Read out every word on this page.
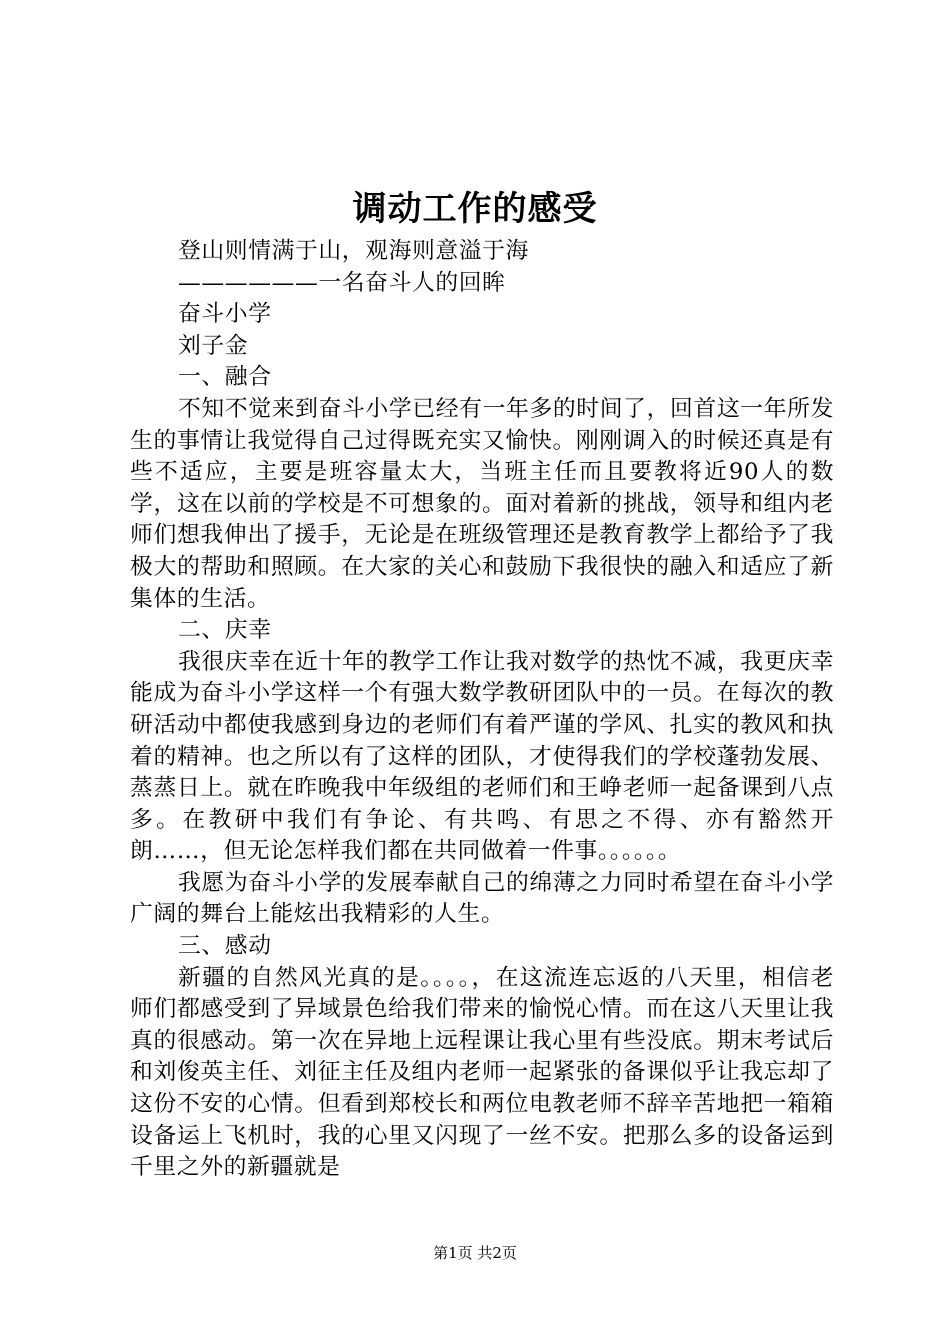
调动工作的感受

登山则情满于山，观海则意溢于海

——————一名奋斗人的回眸

奋斗小学

刘子金

一、融合

不知不觉来到奋斗小学已经有一年多的时间了，回首这一年所发生的事情让我觉得自己过得既充实又愉快。刚刚调入的时候还真是有些不适应，主要是班容量太大，当班主任而且要教将近90人的数学，这在以前的学校是不可想象的。面对着新的挑战，领导和组内老师们想我伸出了援手，无论是在班级管理还是教育教学上都给予了我极大的帮助和照顾。在大家的关心和鼓励下我很快的融入和适应了新集体的生活。

二、庆幸

我很庆幸在近十年的教学工作让我对数学的热忱不减，我更庆幸能成为奋斗小学这样一个有强大数学教研团队中的一员。在每次的教研活动中都使我感到身边的老师们有着严谨的学风、扎实的教风和执着的精神。也之所以有了这样的团队，才使得我们的学校蓬勃发展、蒸蒸日上。就在昨晚我中年级组的老师们和王峥老师一起备课到八点多。在教研中我们有争论、有共鸣、有思之不得、亦有豁然开朗……，但无论怎样我们都在共同做着一件事。。。。。。

我愿为奋斗小学的发展奉献自己的绵薄之力同时希望在奋斗小学广阔的舞台上能炫出我精彩的人生。

三、感动

新疆的自然风光真的是。。。。，在这流连忘返的八天里，相信老师们都感受到了异域景色给我们带来的愉悦心情。而在这八天里让我真的很感动。第一次在异地上远程课让我心里有些没底。期末考试后和刘俊英主任、刘征主任及组内老师一起紧张的备课似乎让我忘却了这份不安的心情。但看到郑校长和两位电教老师不辞辛苦地把一箱箱设备运上飞机时，我的心里又闪现了一丝不安。把那么多的设备运到千里之外的新疆就是

第1页 共2页
